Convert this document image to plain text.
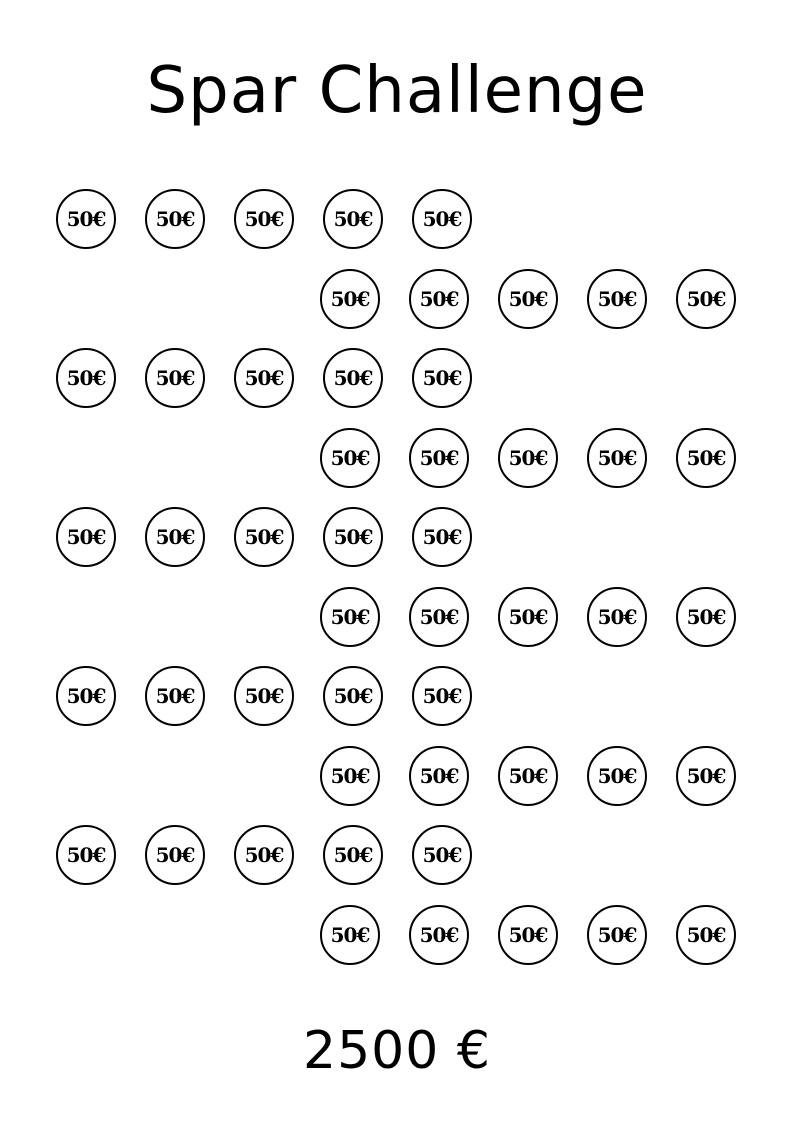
Spar Challenge
50€	50€	50€	50€	50€
50€	50€	50€	50€	50€
50€	50€	50€	50€	50€
50€	50€	50€	50€	50€
50€	50€	50€	50€	50€
50€	50€	50€	50€	50€
50€	50€	50€	50€	50€
50€	50€	50€	50€	50€
50€	50€	50€	50€	50€
50€	50€	50€	50€	50€
2500 €
